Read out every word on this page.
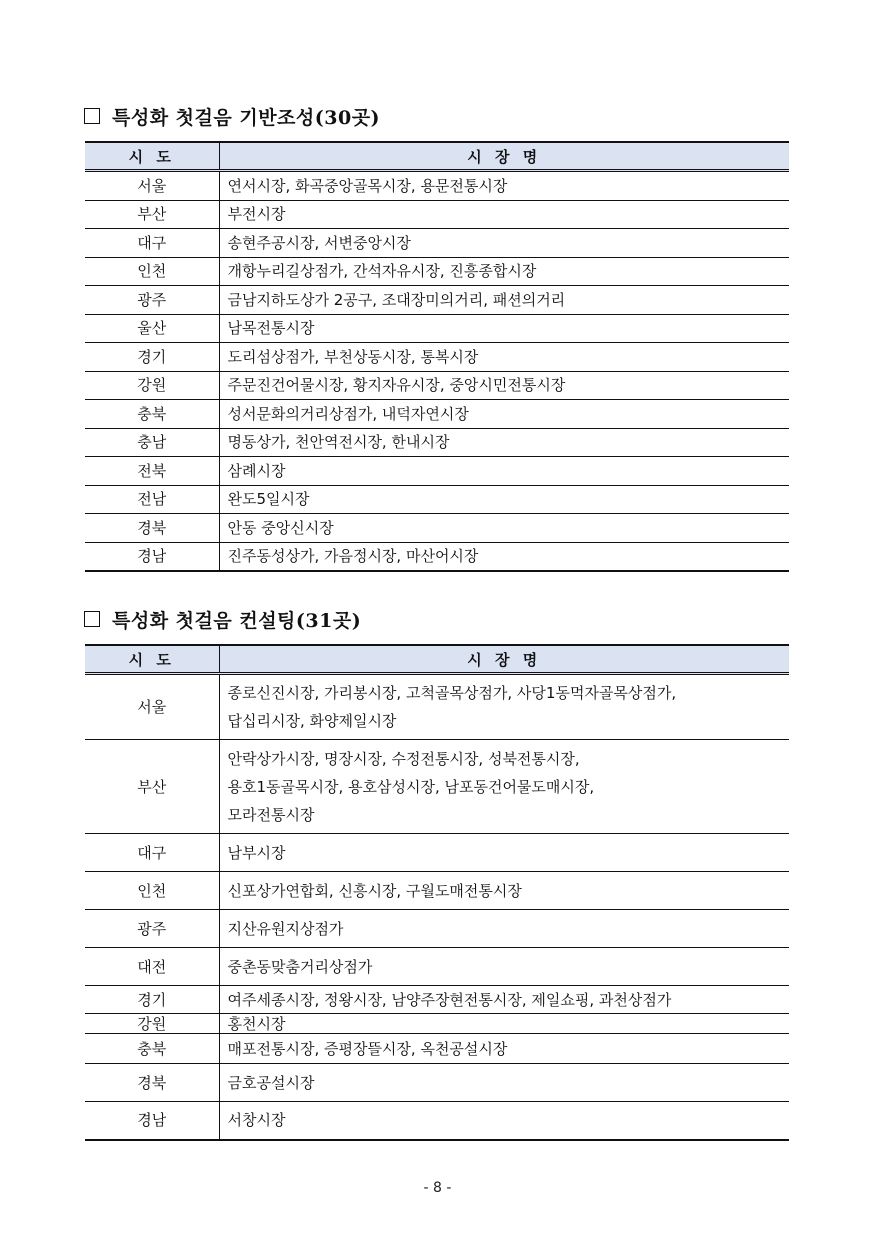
특성화 첫걸음 기반조성(30곳)
시 도	시 장 명
서울	연서시장, 화곡중앙골목시장, 용문전통시장
부산	부전시장
대구	송현주공시장, 서변중앙시장
인천	개항누리길상점가, 간석자유시장, 진흥종합시장
광주	금남지하도상가 2공구, 조대장미의거리, 패션의거리
울산	남목전통시장
경기	도리섬상점가, 부천상동시장, 통복시장
강원	주문진건어물시장, 황지자유시장, 중앙시민전통시장
충북	성서문화의거리상점가, 내덕자연시장
충남	명동상가, 천안역전시장, 한내시장
전북	삼례시장
전남	완도5일시장
경북	안동 중앙신시장
경남	진주동성상가, 가음정시장, 마산어시장
특성화 첫걸음 컨설팅(31곳)
시 도	시 장 명
서울	종로신진시장, 가리봉시장, 고척골목상점가, 사당1동먹자골목상점가,
답십리시장, 화양제일시장

부산	안락상가시장, 명장시장, 수정전통시장, 성북전통시장,
용호1동골목시장, 용호삼성시장, 남포동건어물도매시장,
모라전통시장

대구	남부시장

인천	신포상가연합회, 신흥시장, 구월도매전통시장

광주	지산유원지상점가

대전	중촌동맞춤거리상점가

경기	여주세종시장, 정왕시장, 남양주장현전통시장, 제일쇼핑, 과천상점가

강원	홍천시장

충북	매포전통시장, 증평장뜰시장, 옥천공설시장

경북	금호공설시장

경남	서창시장
- 8 -
